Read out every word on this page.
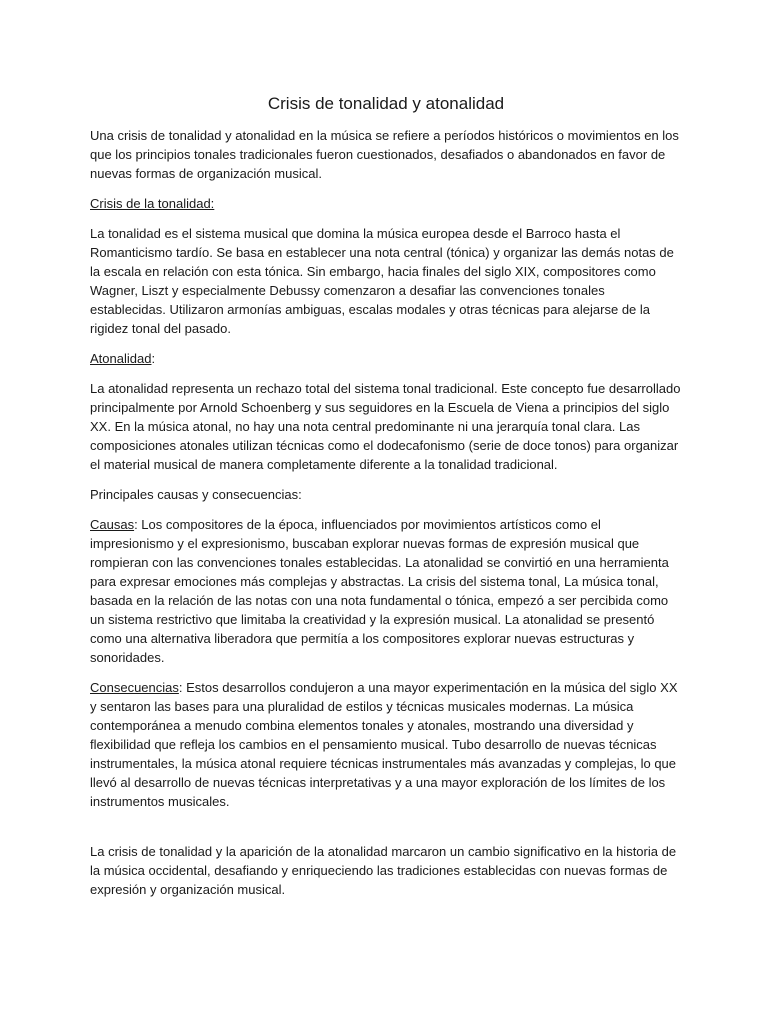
Crisis de tonalidad y atonalidad

Una crisis de tonalidad y atonalidad en la música se refiere a períodos históricos o movimientos en los que los principios tonales tradicionales fueron cuestionados, desafiados o abandonados en favor de nuevas formas de organización musical.

Crisis de la tonalidad:

La tonalidad es el sistema musical que domina la música europea desde el Barroco hasta el Romanticismo tardío. Se basa en establecer una nota central (tónica) y organizar las demás notas de la escala en relación con esta tónica. Sin embargo, hacia finales del siglo XIX, compositores como Wagner, Liszt y especialmente Debussy comenzaron a desafiar las convenciones tonales establecidas. Utilizaron armonías ambiguas, escalas modales y otras técnicas para alejarse de la rigidez tonal del pasado.

Atonalidad:

La atonalidad representa un rechazo total del sistema tonal tradicional. Este concepto fue desarrollado principalmente por Arnold Schoenberg y sus seguidores en la Escuela de Viena a principios del siglo XX. En la música atonal, no hay una nota central predominante ni una jerarquía tonal clara. Las composiciones atonales utilizan técnicas como el dodecafonismo (serie de doce tonos) para organizar el material musical de manera completamente diferente a la tonalidad tradicional.

Principales causas y consecuencias:

Causas: Los compositores de la época, influenciados por movimientos artísticos como el impresionismo y el expresionismo, buscaban explorar nuevas formas de expresión musical que rompieran con las convenciones tonales establecidas. La atonalidad se convirtió en una herramienta para expresar emociones más complejas y abstractas. La crisis del sistema tonal, La música tonal, basada en la relación de las notas con una nota fundamental o tónica, empezó a ser percibida como un sistema restrictivo que limitaba la creatividad y la expresión musical. La atonalidad se presentó como una alternativa liberadora que permitía a los compositores explorar nuevas estructuras y sonoridades.

Consecuencias: Estos desarrollos condujeron a una mayor experimentación en la música del siglo XX y sentaron las bases para una pluralidad de estilos y técnicas musicales modernas. La música contemporánea a menudo combina elementos tonales y atonales, mostrando una diversidad y flexibilidad que refleja los cambios en el pensamiento musical. Tubo desarrollo de nuevas técnicas instrumentales, la música atonal requiere técnicas instrumentales más avanzadas y complejas, lo que llevó al desarrollo de nuevas técnicas interpretativas y a una mayor exploración de los límites de los instrumentos musicales.

La crisis de tonalidad y la aparición de la atonalidad marcaron un cambio significativo en la historia de la música occidental, desafiando y enriqueciendo las tradiciones establecidas con nuevas formas de expresión y organización musical.
